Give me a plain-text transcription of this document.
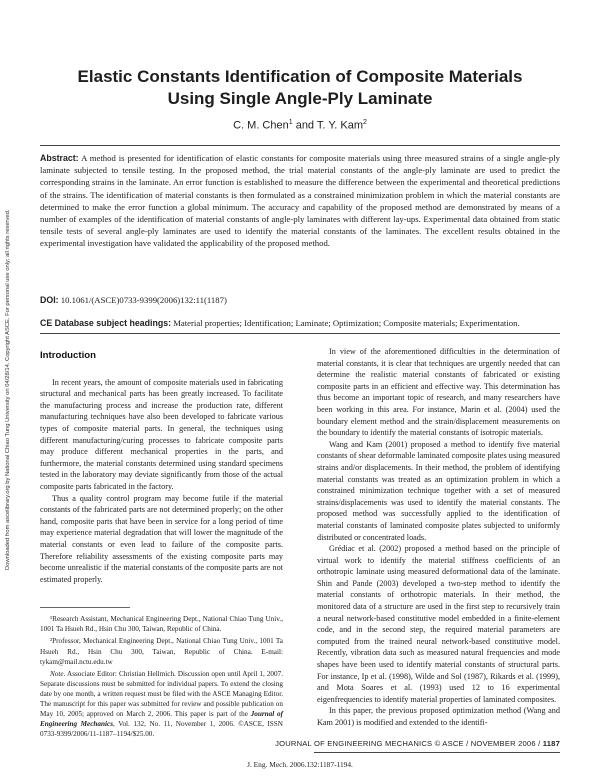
Downloaded from ascelibrary.org by National Chiao Tung University on 04/28/14. Copyright ASCE. For personal use only; all rights reserved.
Elastic Constants Identification of Composite Materials
Using Single Angle-Ply Laminate
C. M. Chen$^1$ and T. Y. Kam$^2$
Abstract: A method is presented for identification of elastic constants for composite materials using three measured strains of a single angle-ply laminate subjected to tensile testing. In the proposed method, the trial material constants of the angle-ply laminate are used to predict the corresponding strains in the laminate. An error function is established to measure the difference between the experimental and theoretical predictions of the strains. The identification of material constants is then formulated as a constrained minimization problem in which the material constants are determined to make the error function a global minimum. The accuracy and capability of the proposed method are demonstrated by means of a number of examples of the identification of material constants of angle-ply laminates with different lay-ups. Experimental data obtained from static tensile tests of several angle-ply laminates are used to identify the material constants of the laminates. The excellent results obtained in the experimental investigation have validated the applicability of the proposed method.
DOI: 10.1061/(ASCE)0733-9399(2006)132:11(1187)
CE Database subject headings: Material properties; Identification; Laminate; Optimization; Composite materials; Experimentation.
Introduction

In recent years, the amount of composite materials used in fabricating structural and mechanical parts has been greatly increased. To facilitate the manufacturing process and increase the production rate, different manufacturing techniques have also been developed to fabricate various types of composite material parts. In general, the techniques using different manufacturing/curing processes to fabricate composite parts may produce different mechanical properties in the parts, and furthermore, the material constants determined using standard specimens tested in the laboratory may deviate significantly from those of the actual composite parts fabricated in the factory.

Thus a quality control program may become futile if the material constants of the fabricated parts are not determined properly; on the other hand, composite parts that have been in service for a long period of time may experience material degradation that will lower the magnitude of the material constants or even lead to failure of the composite parts. Therefore reliability assessments of the existing composite parts may become unrealistic if the material constants of the composite parts are not estimated properly.

¹Research Assistant, Mechanical Engineering Dept., National Chiao Tung Univ., 1001 Ta Hsueh Rd., Hsin Chu 300, Taiwan, Republic of China.
²Professor, Mechanical Engineering Dept., National Chiao Tung Univ., 1001 Ta Hsueh Rd., Hsin Chu 300, Taiwan, Republic of China. E-mail: tykam@mail.nctu.edu.tw
Note. Associate Editor: Christian Hellmich. Discussion open until April 1, 2007. Separate discussions must be submitted for individual papers. To extend the closing date by one month, a written request must be filed with the ASCE Managing Editor. The manuscript for this paper was submitted for review and possible publication on May 10, 2005; approved on March 2, 2006. This paper is part of the Journal of Engineering Mechanics, Vol. 132, No. 11, November 1, 2006. ©ASCE, ISSN 0733-9399/2006/11-1187–1194/$25.00.

In view of the aforementioned difficulties in the determination of material constants, it is clear that techniques are urgently needed that can determine the realistic material constants of fabricated or existing composite parts in an efficient and effective way. This determination has thus become an important topic of research, and many researchers have been working in this area. For instance, Marin et al. (2004) used the boundary element method and the strain/displacement measurements on the boundary to identify the material constants of isotropic materials.

Wang and Kam (2001) proposed a method to identify five material constants of shear deformable laminated composite plates using measured strains and/or displacements. In their method, the problem of identifying material constants was treated as an optimization problem in which a constrained minimization technique together with a set of measured strains/displacements was used to identify the material constants. The proposed method was successfully applied to the identification of material constants of laminated composite plates subjected to uniformly distributed or concentrated loads.

Grédiac et al. (2002) proposed a method based on the principle of virtual work to identify the material stiffness coefficients of an orthotropic laminate using measured deformational data of the laminate. Shin and Pande (2003) developed a two-step method to identify the material constants of orthotropic materials. In their method, the monitored data of a structure are used in the first step to recursively train a neural network-based constitutive model embedded in a finite-element code, and in the second step, the required material parameters are computed from the trained neural network-based constitutive model. Recently, vibration data such as measured natural frequencies and mode shapes have been used to identify material constants of structural parts. For instance, Ip et al. (1998), Wilde and Sol (1987), Rikards et al. (1999), and Mota Soares et al. (1993) used 12 to 16 experimental eigenfrequencies to identify material properties of laminated composites.

In this paper, the previous proposed optimization method (Wang and Kam 2001) is modified and extended to the identifi-

JOURNAL OF ENGINEERING MECHANICS © ASCE / NOVEMBER 2006 / 1187
J. Eng. Mech. 2006.132:1187-1194.
